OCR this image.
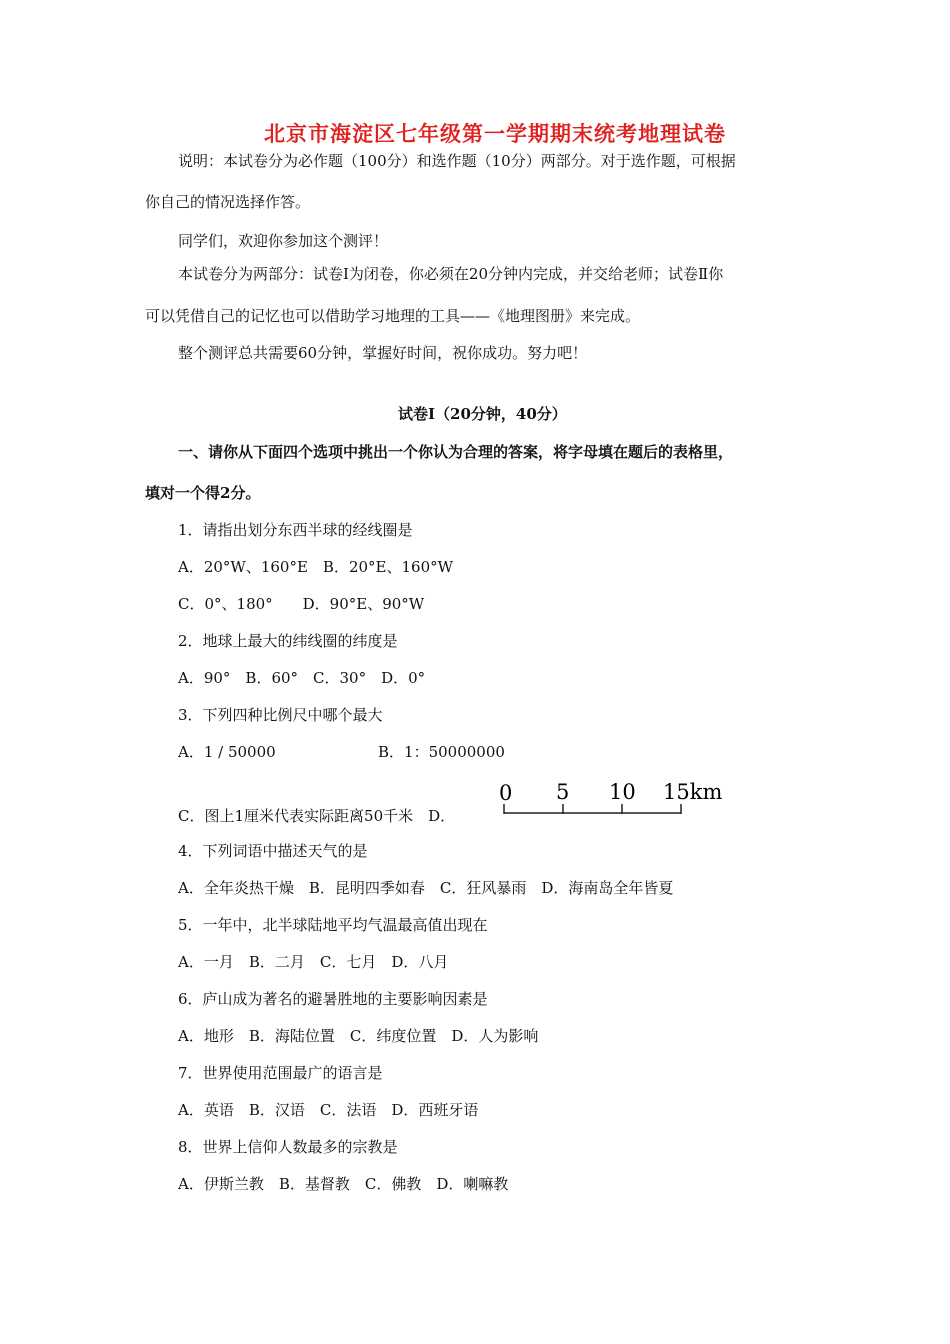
北京市海淀区七年级第一学期期末统考地理试卷
说明：本试卷分为必作题（100分）和选作题（10分）两部分。对于选作题，可根据
你自己的情况选择作答。
同学们，欢迎你参加这个测评！
本试卷分为两部分：试卷Ⅰ为闭卷，你必须在20分钟内完成，并交给老师；试卷Ⅱ你
可以凭借自己的记忆也可以借助学习地理的工具——《地理图册》来完成。
整个测评总共需要60分钟，掌握好时间，祝你成功。努力吧！
试卷Ⅰ（20分钟，40分）
一、请你从下面四个选项中挑出一个你认为合理的答案，将字母填在题后的表格里，
填对一个得2分。
1．请指出划分东西半球的经线圈是
A．20°W、160°E　B．20°E、160°W
C．0°、180°　　D．90°E、90°W
2．地球上最大的纬线圈的纬度是
A．90°　B．60°　C．30°　D．0°
3．下列四种比例尺中哪个最大
A．1 / 50000	B．1：50000000
C．图上1厘米代表实际距离50千米　D．
0 5 10 15km
4．下列词语中描述天气的是
A．全年炎热干燥　B．昆明四季如春　C．狂风暴雨　D．海南岛全年皆夏
5．一年中，北半球陆地平均气温最高值出现在
A．一月　B．二月　C．七月　D．八月
6．庐山成为著名的避暑胜地的主要影响因素是
A．地形　B．海陆位置　C．纬度位置　D．人为影响
7．世界使用范围最广的语言是
A．英语　B．汉语　C．法语　D．西班牙语
8．世界上信仰人数最多的宗教是
A．伊斯兰教　B．基督教　C．佛教　D．喇嘛教
